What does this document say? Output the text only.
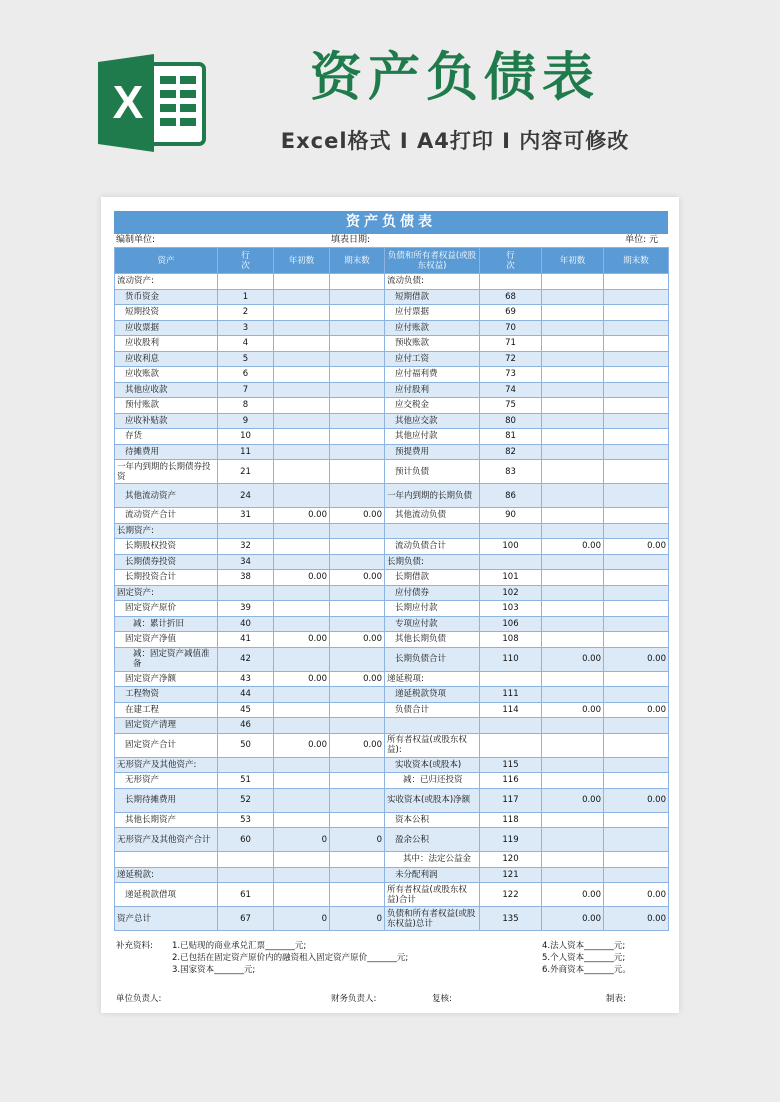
X	资产负债表
Excel格式 I A4打印 I 内容可修改
资产负债表
编制单位:	填表日期:	单位: 元
资产	行次	年初数	期末数	负债和所有者权益(或股东权益)	行次	年初数	期末数
流动资产:				流动负债:			
货币资金	1			短期借款	68		
短期投资	2			应付票据	69		
应收票据	3			应付账款	70		
应收股利	4			预收账款	71		
应收利息	5			应付工资	72		
应收账款	6			应付福利费	73		
其他应收款	7			应付股利	74		
预付账款	8			应交税金	75		
应收补贴款	9			其他应交款	80		
存货	10			其他应付款	81		
待摊费用	11			预提费用	82		
一年内到期的长期债券投资	21			预计负债	83		
其他流动资产	24			一年内到期的长期负债	86		
流动资产合计	31	0.00	0.00	其他流动负债	90		
长期资产:							
长期股权投资	32			流动负债合计	100	0.00	0.00
长期债券投资	34			长期负债:			
长期投资合计	38	0.00	0.00	长期借款	101		
固定资产:				应付债券	102		
固定资产原价	39			长期应付款	103		
减：累计折旧	40			专项应付款	106		
固定资产净值	41	0.00	0.00	其他长期负债	108		
减：固定资产减值准备	42			长期负债合计	110	0.00	0.00
固定资产净额	43	0.00	0.00	递延税项:			
工程物资	44			递延税款贷项	111		
在建工程	45			负债合计	114	0.00	0.00
固定资产清理	46						
固定资产合计	50	0.00	0.00	所有者权益(或股东权益):			
无形资产及其他资产:				实收资本(或股本)	115		
无形资产	51			减：已归还投资	116		
长期待摊费用	52			实收资本(或股本)净额	117	0.00	0.00
其他长期资产	53			资本公积	118		
无形资产及其他资产合计	60	0	0	盈余公积	119		
				其中：法定公益金	120		
递延税款:				未分配利润	121		
递延税款借项	61			所有者权益(或股东权益)合计	122	0.00	0.00
资产总计	67	0	0	负债和所有者权益(或股东权益)总计	135	0.00	0.00
补充资料: 1.已贴现的商业承兑汇票_______元;
2.已包括在固定资产原价内的融资租入固定资产原价_______元;
3.国家资本_______元;
4.法人资本_______元;
5.个人资本_______元;
6.外商资本_______元。
单位负责人:	财务负责人:	复核:	制表:
